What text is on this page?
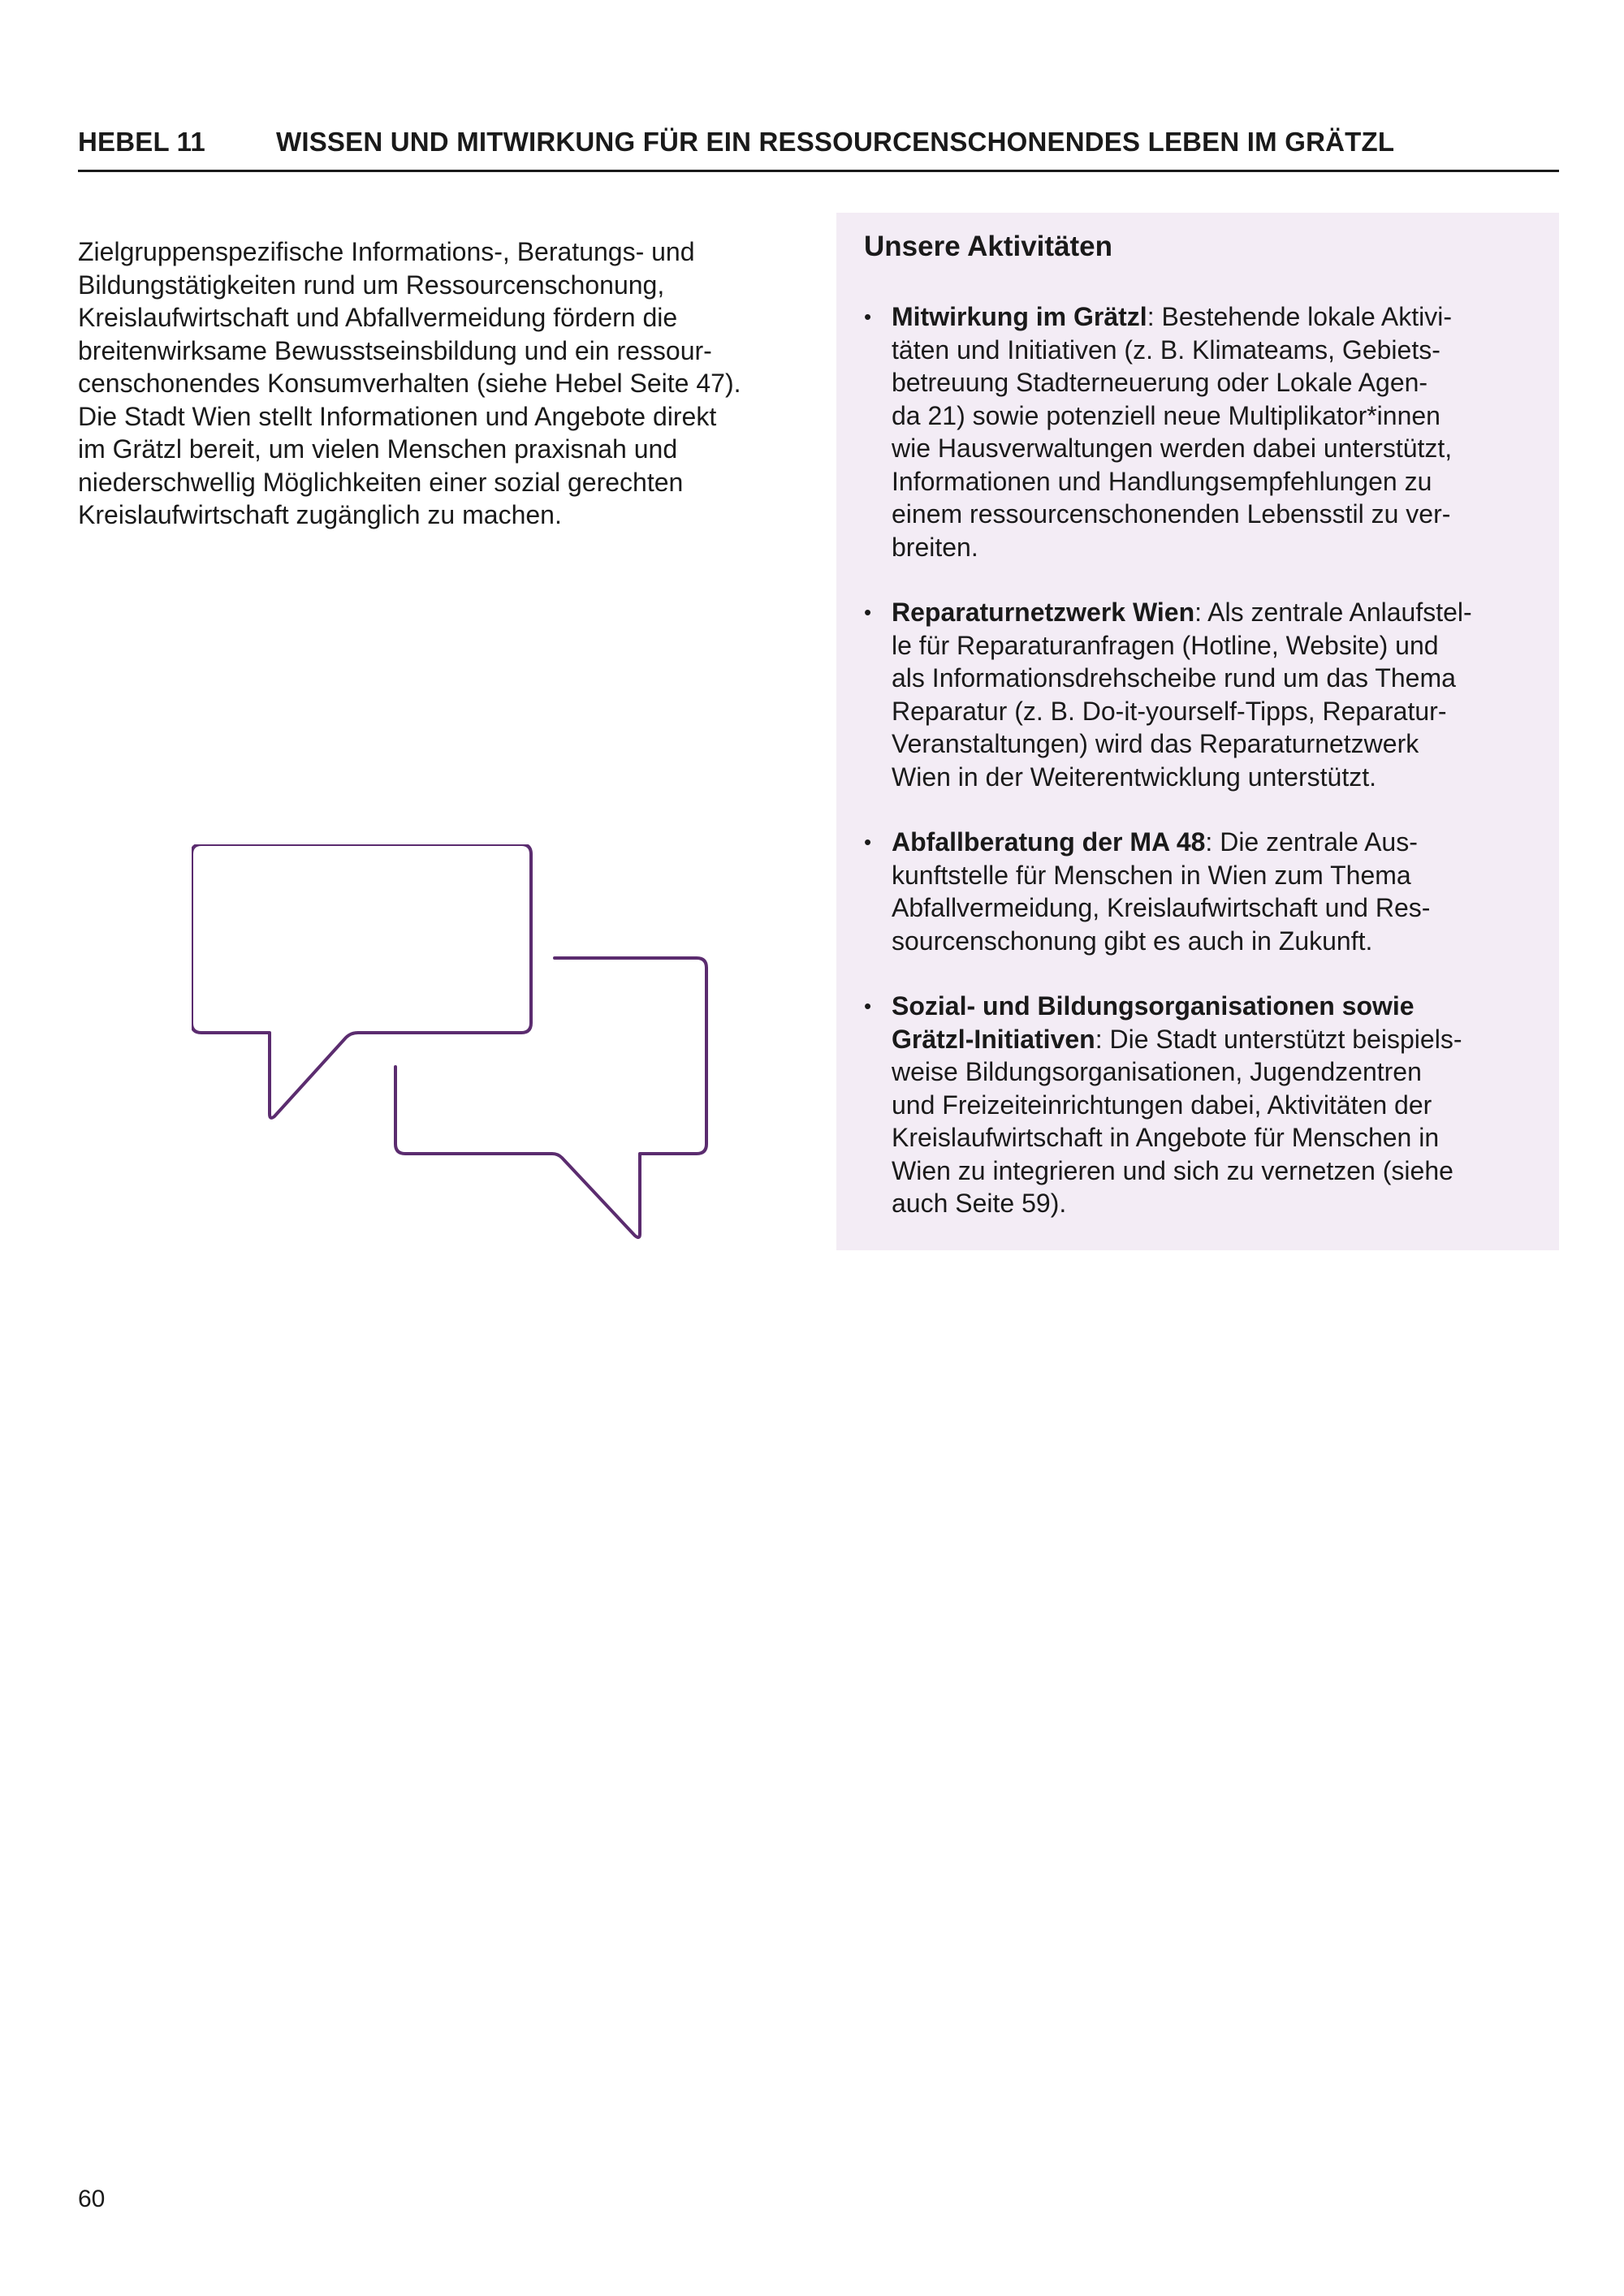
HEBEL 11	WISSEN UND MITWIRKUNG FÜR EIN RESSOURCENSCHONENDES LEBEN IM GRÄTZL
Zielgruppenspezifische Informations-, Beratungs- und
Bildungstätigkeiten rund um Ressourcenschonung,
Kreislaufwirtschaft und Abfallvermeidung fördern die
breitenwirksame Bewusstseinsbildung und ein ressour-
censchonendes Konsumverhalten (siehe Hebel Seite 47).
Die Stadt Wien stellt Informationen und Angebote direkt
im Grätzl bereit, um vielen Menschen praxisnah und
niederschwellig Möglichkeiten einer sozial gerechten
Kreislaufwirtschaft zugänglich zu machen.
Unsere Aktivitäten
• Mitwirkung im Grätzl: Bestehende lokale Aktivi-
täten und Initiativen (z. B. Klimateams, Gebiets-
betreuung Stadterneuerung oder Lokale Agen-
da 21) sowie potenziell neue Multiplikator*innen
wie Hausverwaltungen werden dabei unterstützt,
Informationen und Handlungsempfehlungen zu
einem ressourcenschonenden Lebensstil zu ver-
breiten.
• Reparaturnetzwerk Wien: Als zentrale Anlaufstel-
le für Reparaturanfragen (Hotline, Website) und
als Informationsdrehscheibe rund um das Thema
Reparatur (z. B. Do-it-yourself-Tipps, Reparatur-
Veranstaltungen) wird das Reparaturnetzwerk
Wien in der Weiterentwicklung unterstützt.
• Abfallberatung der MA 48: Die zentrale Aus-
kunftstelle für Menschen in Wien zum Thema
Abfallvermeidung, Kreislaufwirtschaft und Res-
sourcenschonung gibt es auch in Zukunft.
• Sozial- und Bildungsorganisationen sowie
Grätzl-Initiativen: Die Stadt unterstützt beispiels-
weise Bildungsorganisationen, Jugendzentren
und Freizeiteinrichtungen dabei, Aktivitäten der
Kreislaufwirtschaft in Angebote für Menschen in
Wien zu integrieren und sich zu vernetzen (siehe
auch Seite 59).
60
